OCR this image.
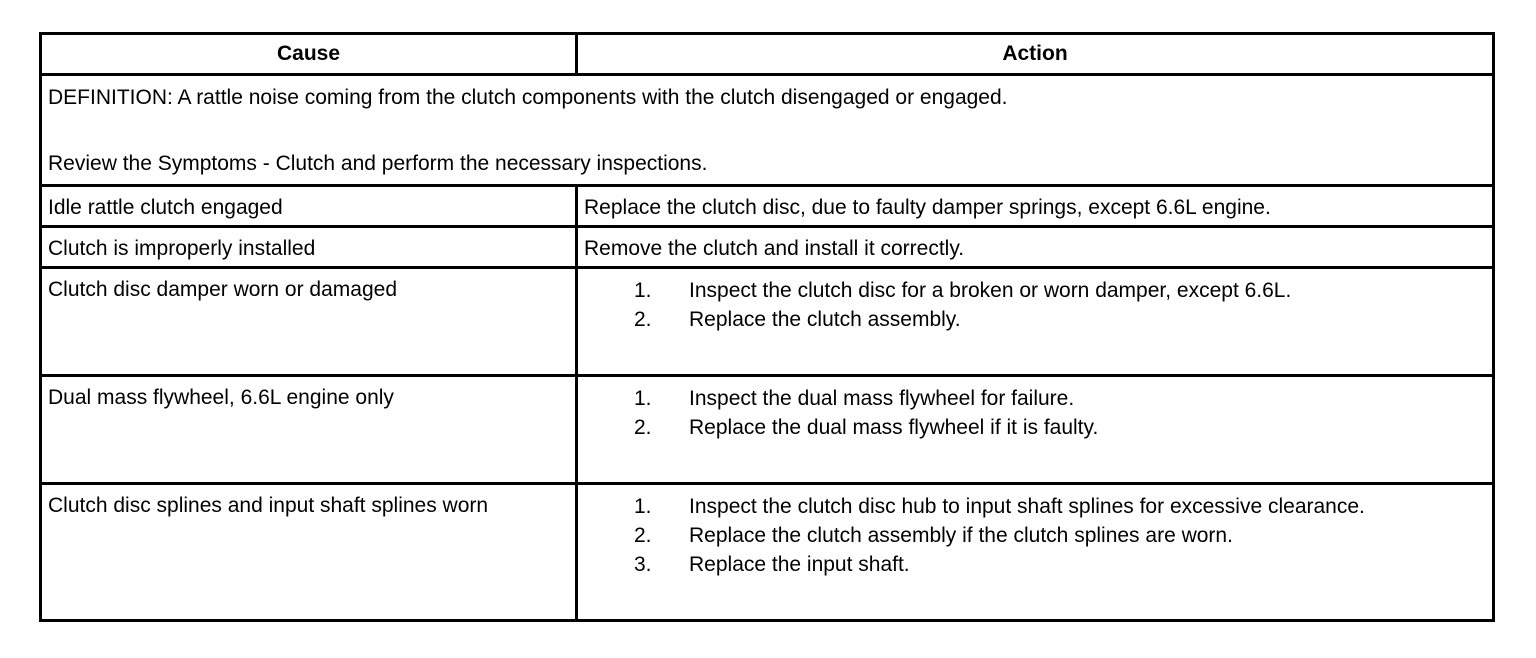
Cause	Action
DEFINITION: A rattle noise coming from the clutch components with the clutch disengaged or engaged.
Review the Symptoms - Clutch and perform the necessary inspections.
Idle rattle clutch engaged	Replace the clutch disc, due to faulty damper springs, except 6.6L engine.
Clutch is improperly installed	Remove the clutch and install it correctly.
Clutch disc damper worn or damaged	1.	Inspect the clutch disc for a broken or worn damper, except 6.6L.
2.	Replace the clutch assembly.
Dual mass flywheel, 6.6L engine only	1.	Inspect the dual mass flywheel for failure.
2.	Replace the dual mass flywheel if it is faulty.
Clutch disc splines and input shaft splines worn	1.	Inspect the clutch disc hub to input shaft splines for excessive clearance.
2.	Replace the clutch assembly if the clutch splines are worn.
3.	Replace the input shaft.
